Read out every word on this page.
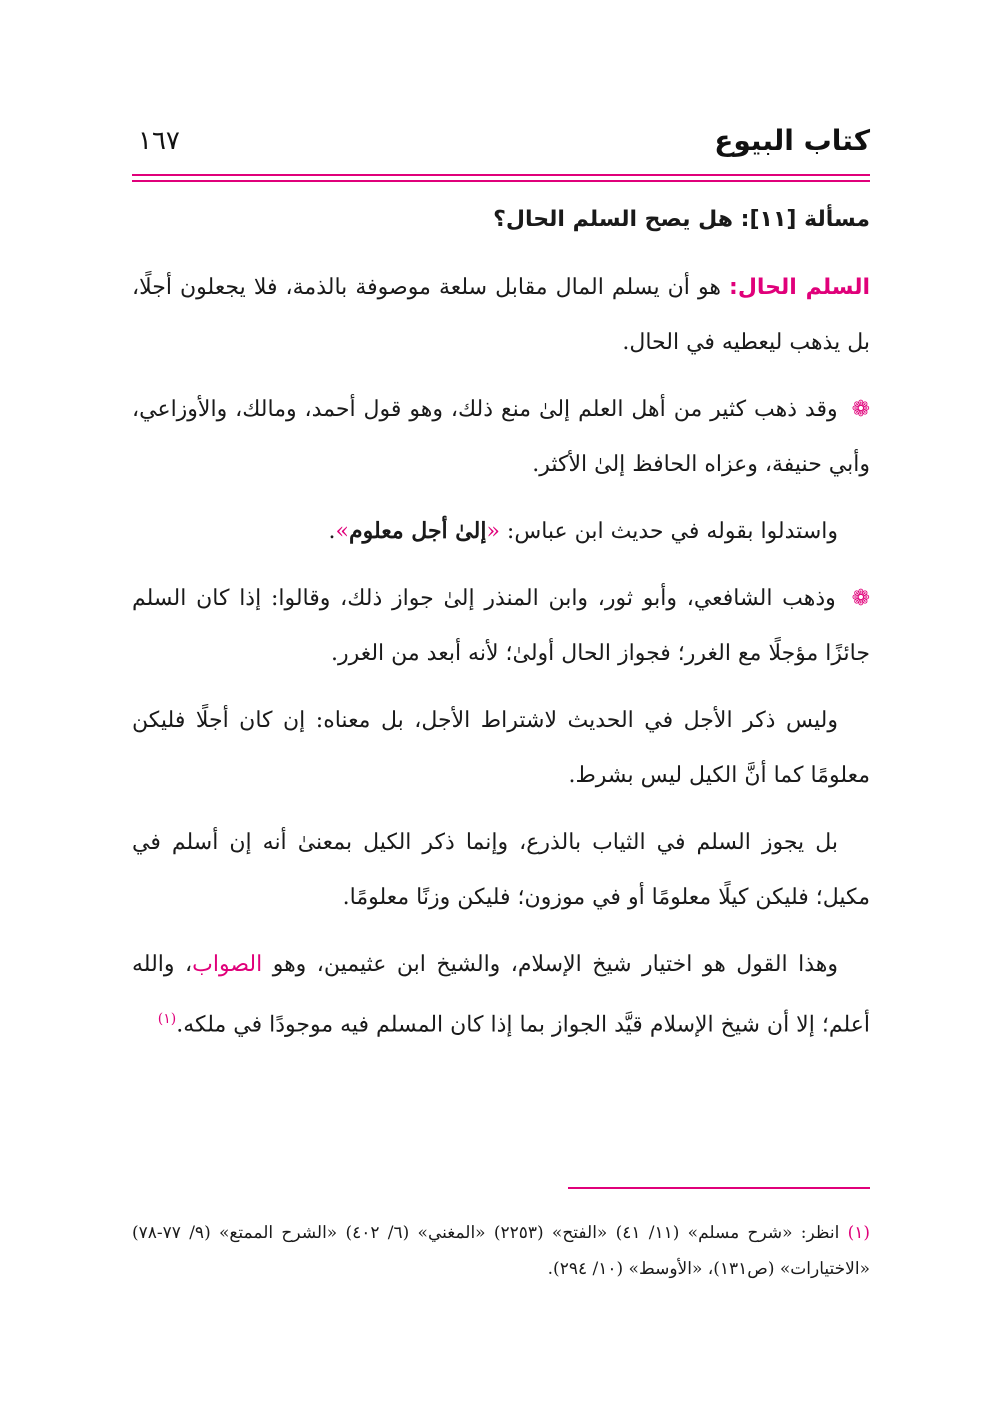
كتاب البيوع
١٦٧
مسألة [١١]: هل يصح السلم الحال؟

السلم الحال: هو أن يسلم المال مقابل سلعة موصوفة بالذمة، فلا يجعلون أجلًا، بل يذهب ليعطيه في الحال.

❁ وقد ذهب كثير من أهل العلم إلىٰ منع ذلك، وهو قول أحمد، ومالك، والأوزاعي، وأبي حنيفة، وعزاه الحافظ إلىٰ الأكثر.

واستدلوا بقوله في حديث ابن عباس: «إلىٰ أجل معلوم».

❁ وذهب الشافعي، وأبو ثور، وابن المنذر إلىٰ جواز ذلك، وقالوا: إذا كان السلم جائزًا مؤجلًا مع الغرر؛ فجواز الحال أولىٰ؛ لأنه أبعد من الغرر.

وليس ذكر الأجل في الحديث لاشتراط الأجل، بل معناه: إن كان أجلًا فليكن معلومًا كما أنَّ الكيل ليس بشرط.

بل يجوز السلم في الثياب بالذرع، وإنما ذكر الكيل بمعنىٰ أنه إن أسلم في مكيل؛ فليكن كيلًا معلومًا أو في موزون؛ فليكن وزنًا معلومًا.

وهذا القول هو اختيار شيخ الإسلام، والشيخ ابن عثيمين، وهو الصواب، والله أعلم؛ إلا أن شيخ الإسلام قيَّد الجواز بما إذا كان المسلم فيه موجودًا في ملكه.$^{(١)}$

(١) انظر: «شرح مسلم» (١١/ ٤١) «الفتح» (٢٢٥٣) «المغني» (٦/ ٤٠٢) «الشرح الممتع» (٩/ ٧٧-٧٨) «الاختيارات» (ص١٣١)، «الأوسط» (١٠/ ٢٩٤).
